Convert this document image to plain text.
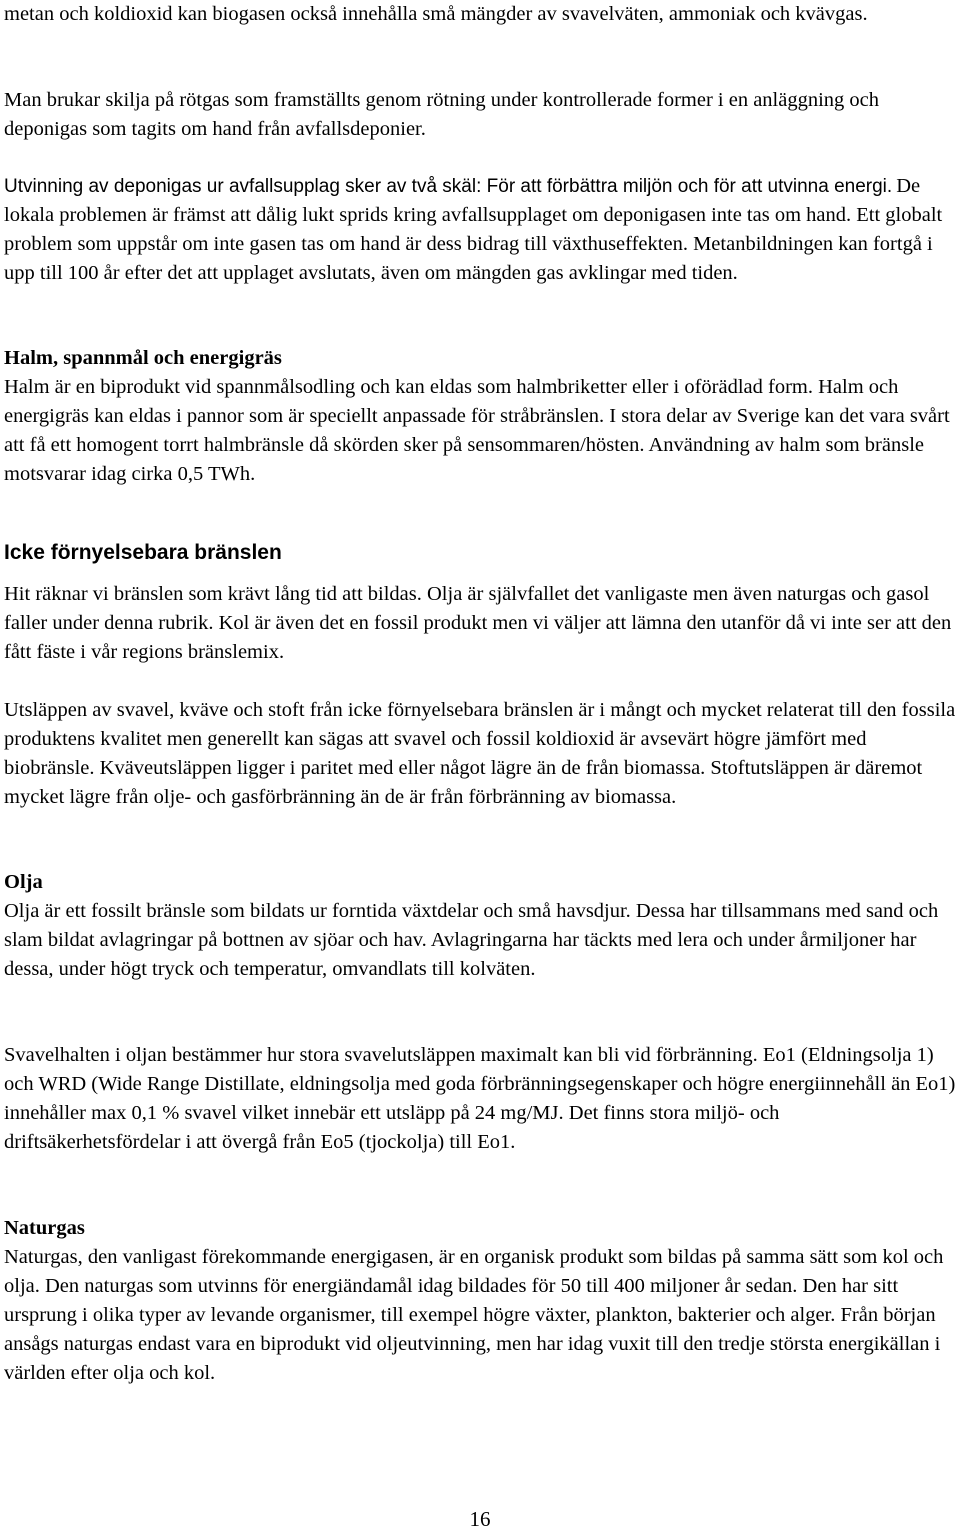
metan och koldioxid kan biogasen också innehålla små mängder av svavelväten, ammoniak och kvävgas.

Man brukar skilja på rötgas som framställts genom rötning under kontrollerade former i en anläggning och deponigas som tagits om hand från avfallsdeponier.

Utvinning av deponigas ur avfallsupplag sker av två skäl: För att förbättra miljön och för att utvinna energi. De lokala problemen är främst att dålig lukt sprids kring avfallsupplaget om deponigasen inte tas om hand. Ett globalt problem som uppstår om inte gasen tas om hand är dess bidrag till växthuseffekten. Metanbildningen kan fortgå i upp till 100 år efter det att upplaget avslutats, även om mängden gas avklingar med tiden.

Halm, spannmål och energigräs

Halm är en biprodukt vid spannmålsodling och kan eldas som halmbriketter eller i oförädlad form. Halm och energigräs kan eldas i pannor som är speciellt anpassade för stråbränslen. I stora delar av Sverige kan det vara svårt att få ett homogent torrt halmbränsle då skörden sker på sensommaren/hösten. Användning av halm som bränsle motsvarar idag cirka 0,5 TWh.

Icke förnyelsebara bränslen

Hit räknar vi bränslen som krävt lång tid att bildas. Olja är självfallet det vanligaste men även naturgas och gasol faller under denna rubrik. Kol är även det en fossil produkt men vi väljer att lämna den utanför då vi inte ser att den fått fäste i vår regions bränslemix.

Utsläppen av svavel, kväve och stoft från icke förnyelsebara bränslen är i mångt och mycket relaterat till den fossila produktens kvalitet men generellt kan sägas att svavel och fossil koldioxid är avsevärt högre jämfört med biobränsle. Kväveutsläppen ligger i paritet med eller något lägre än de från biomassa. Stoftutsläppen är däremot mycket lägre från olje- och gasförbränning än de är från förbränning av biomassa.

Olja

Olja är ett fossilt bränsle som bildats ur forntida växtdelar och små havsdjur. Dessa har tillsammans med sand och slam bildat avlagringar på bottnen av sjöar och hav. Avlagringarna har täckts med lera och under årmiljoner har dessa, under högt tryck och temperatur, omvandlats till kolväten.

Svavelhalten i oljan bestämmer hur stora svavelutsläppen maximalt kan bli vid förbränning. Eo1 (Eldningsolja 1) och WRD (Wide Range Distillate, eldningsolja med goda förbränningsegenskaper och högre energiinnehåll än Eo1) innehåller max 0,1 % svavel vilket innebär ett utsläpp på 24 mg/MJ. Det finns stora miljö- och driftsäkerhetsfördelar i att övergå från Eo5 (tjockolja) till Eo1.

Naturgas

Naturgas, den vanligast förekommande energigasen, är en organisk produkt som bildas på samma sätt som kol och olja. Den naturgas som utvinns för energiändamål idag bildades för 50 till 400 miljoner år sedan. Den har sitt ursprung i olika typer av levande organismer, till exempel högre växter, plankton, bakterier och alger. Från början ansågs naturgas endast vara en biprodukt vid oljeutvinning, men har idag vuxit till den tredje största energikällan i världen efter olja och kol.

16
